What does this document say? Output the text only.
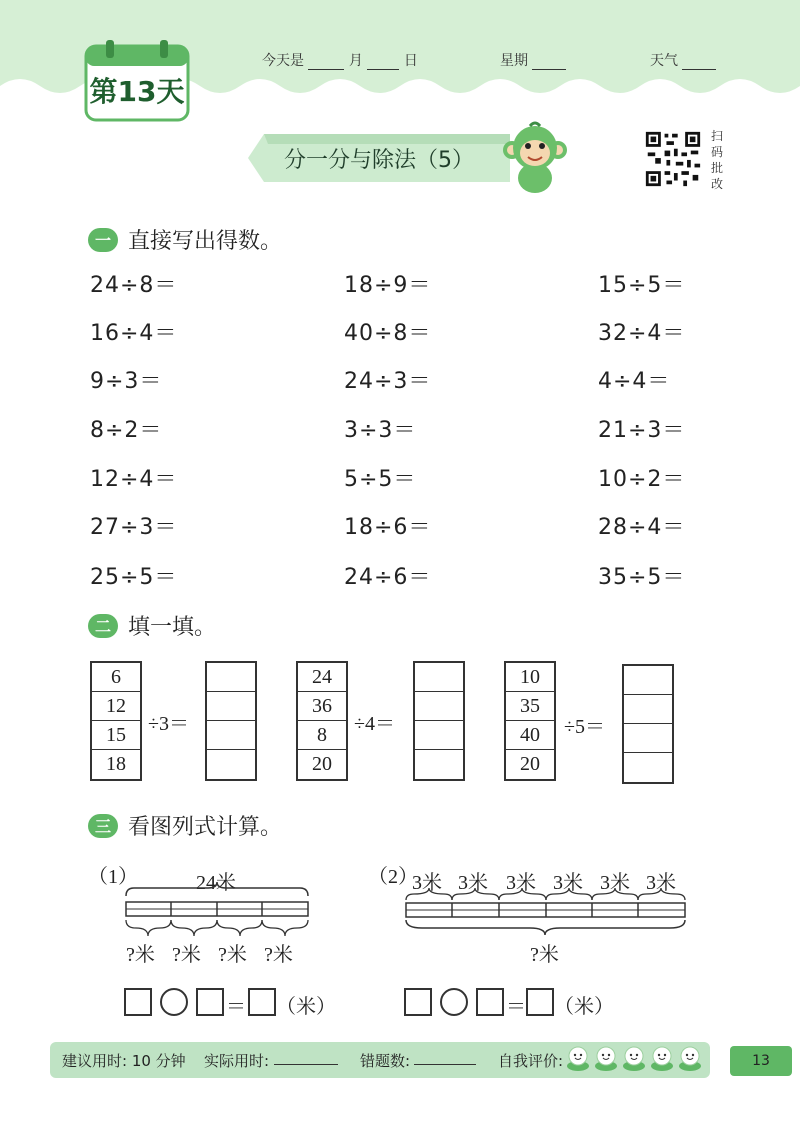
第13天
今天是	月	日	星期	天气
分一分与除法（5）
扫码批改
一 直接写出得数。
24÷8＝	18÷9＝	15÷5＝
16÷4＝	40÷8＝	32÷4＝
9÷3＝	24÷3＝	4÷4＝
8÷2＝	3÷3＝	21÷3＝
12÷4＝	5÷5＝	10÷2＝
27÷3＝	18÷6＝	28÷4＝
25÷5＝	24÷6＝	35÷5＝
二 填一填。
6
12
15
18
÷3＝
24
36
8
20
÷4＝
10
35
40
20
÷5＝
三 看图列式计算。
（1）	24米
?米 ?米 ?米 ?米
＝ （米）
（2）
3米 3米 3米 3米 3米 3米
?米
＝ （米）
建议用时: 10 分钟 实际用时:	错题数:	自我评价:	13
